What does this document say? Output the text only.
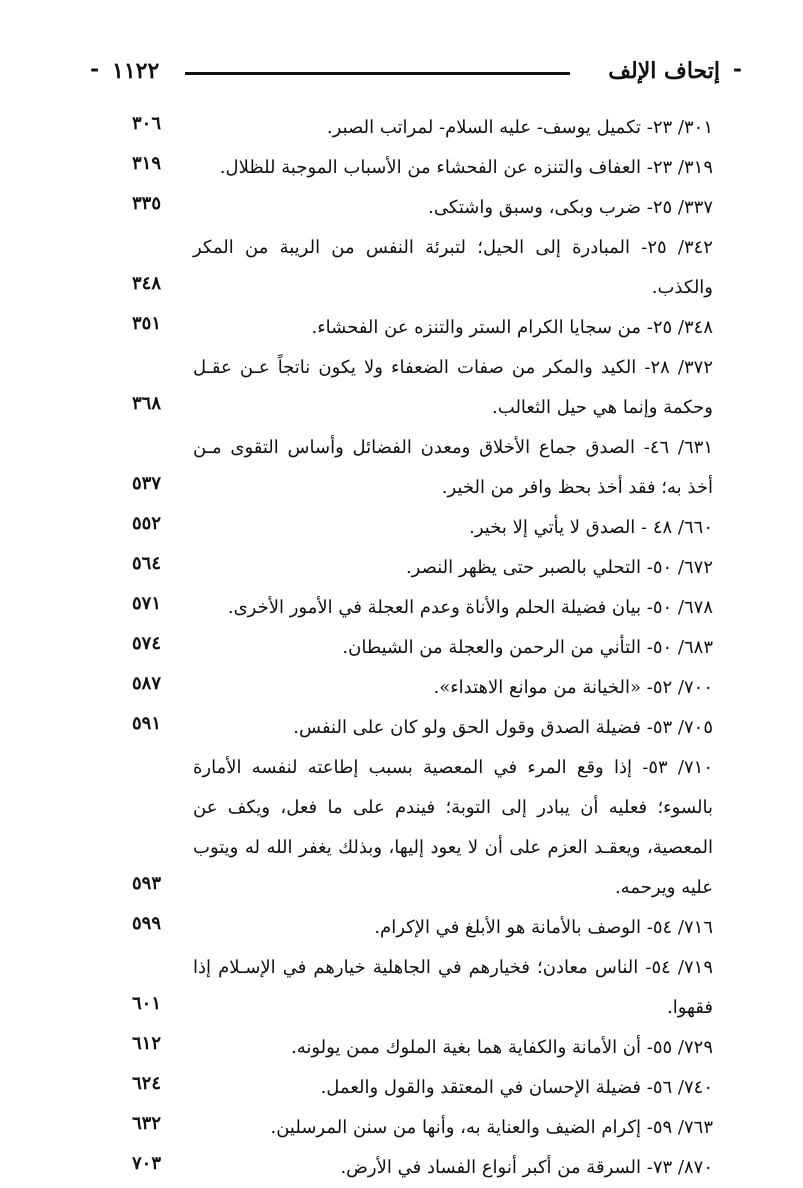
-
إتحاف الإلف
١١٢٢
-
٣٠١/ ٢٣- تكميل يوسف- عليه السلام- لمراتب الصبر.
٣٠٦
٣١٩/ ٢٣- العفاف والتنزه عن الفحشاء من الأسباب الموجبة للظلال.
٣١٩
٣٣٧/ ٢٥- ضرب وبكى، وسبق واشتكى.
٣٣٥
٣٤٢/ ٢٥- المبادرة إلى الحيل؛ لتبرئة النفس من الريبة من المكر والكذب.
٣٤٨
٣٤٨/ ٢٥- من سجايا الكرام الستر والتنزه عن الفحشاء.
٣٥١
٣٧٢/ ٢٨- الكيد والمكر من صفات الضعفاء ولا يكون ناتجاً عـن عقـل وحكمة وإنما هي حيل الثعالب.
٣٦٨
٦٣١/ ٤٦- الصدق جماع الأخلاق ومعدن الفضائل وأساس التقوى مـن أخذ به؛ فقد أخذ بحظ وافر من الخير.
٥٣٧
٦٦٠/ ٤٨ - الصدق لا يأتي إلا بخير.
٥٥٢
٦٧٢/ ٥٠- التحلي بالصبر حتى يظهر النصر.
٥٦٤
٦٧٨/ ٥٠- بيان فضيلة الحلم والأناة وعدم العجلة في الأمور الأخرى.
٥٧١
٦٨٣/ ٥٠- التأني من الرحمن والعجلة من الشيطان.
٥٧٤
٧٠٠/ ٥٢- «الخيانة من موانع الاهتداء».
٥٨٧
٧٠٥/ ٥٣- فضيلة الصدق وقول الحق ولو كان على النفس.
٥٩١
٧١٠/ ٥٣- إذا وقع المرء في المعصية بسبب إطاعته لنفسه الأمارة بالسوء؛ فعليه أن يبادر إلى التوبة؛ فيندم على ما فعل، ويكف عن المعصية، ويعقـد العزم على أن لا يعود إليها، وبذلك يغفر الله له ويتوب عليه ويرحمه.
٥٩٣
٧١٦/ ٥٤- الوصف بالأمانة هو الأبلغ في الإكرام.
٥٩٩
٧١٩/ ٥٤- الناس معادن؛ فخيارهم في الجاهلية خيارهم في الإسـلام إذا فقهوا.
٦٠١
٧٢٩/ ٥٥- أن الأمانة والكفاية هما بغية الملوك ممن يولونه.
٦١٢
٧٤٠/ ٥٦- فضيلة الإحسان في المعتقد والقول والعمل.
٦٢٤
٧٦٣/ ٥٩- إكرام الضيف والعناية به، وأنها من سنن المرسلين.
٦٣٢
٨٧٠/ ٧٣- السرقة من أكبر أنواع الفساد في الأرض.
٧٠٣
